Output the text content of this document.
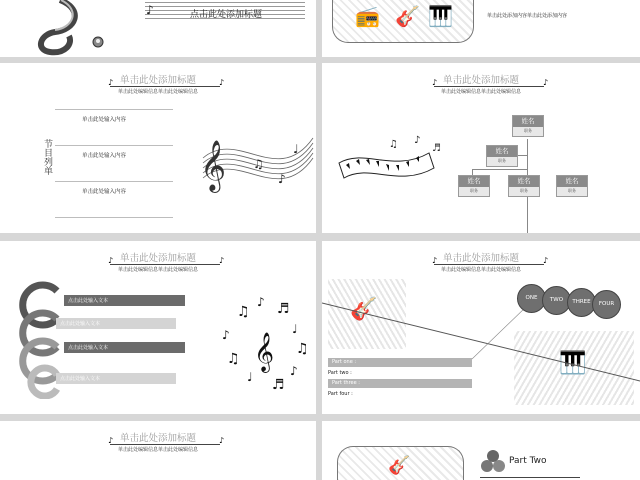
♪	点击此处添加标题	🎸 🎹
📻	单击此处添加内容单击此处添加内容
单击此处添加标题
♪	♪
单击此处编辑信息单击此处编辑信息
节目列单
单击此处输入内容
单击此处输入内容
单击此处输入内容
𝄞 ♫
♪
♩
单击此处添加标题
♪	♪
单击此处编辑信息单击此处编辑信息
♫ ♪
♬
姓名
职务
姓名
职务
姓名
职务
姓名
职务
姓名
职务
单击此处添加标题
♪	♪
单击此处编辑信息单击此处编辑信息
点击此处输入文本
点击此处输入文本
点击此处输入文本
点击此处输入文本
♫
♪ ♬
♩
♫
♪
♬
♩
♫
♪ 𝄞
单击此处添加标题
♪	♪
单击此处编辑信息单击此处编辑信息
🎸
🎹
ONE	TWO	THREE	FOUR
Part one :
Part two :
Part three :
Part four :
单击此处添加标题
♪	♪
单击此处编辑信息单击此处编辑信息
🎸	Part Two
